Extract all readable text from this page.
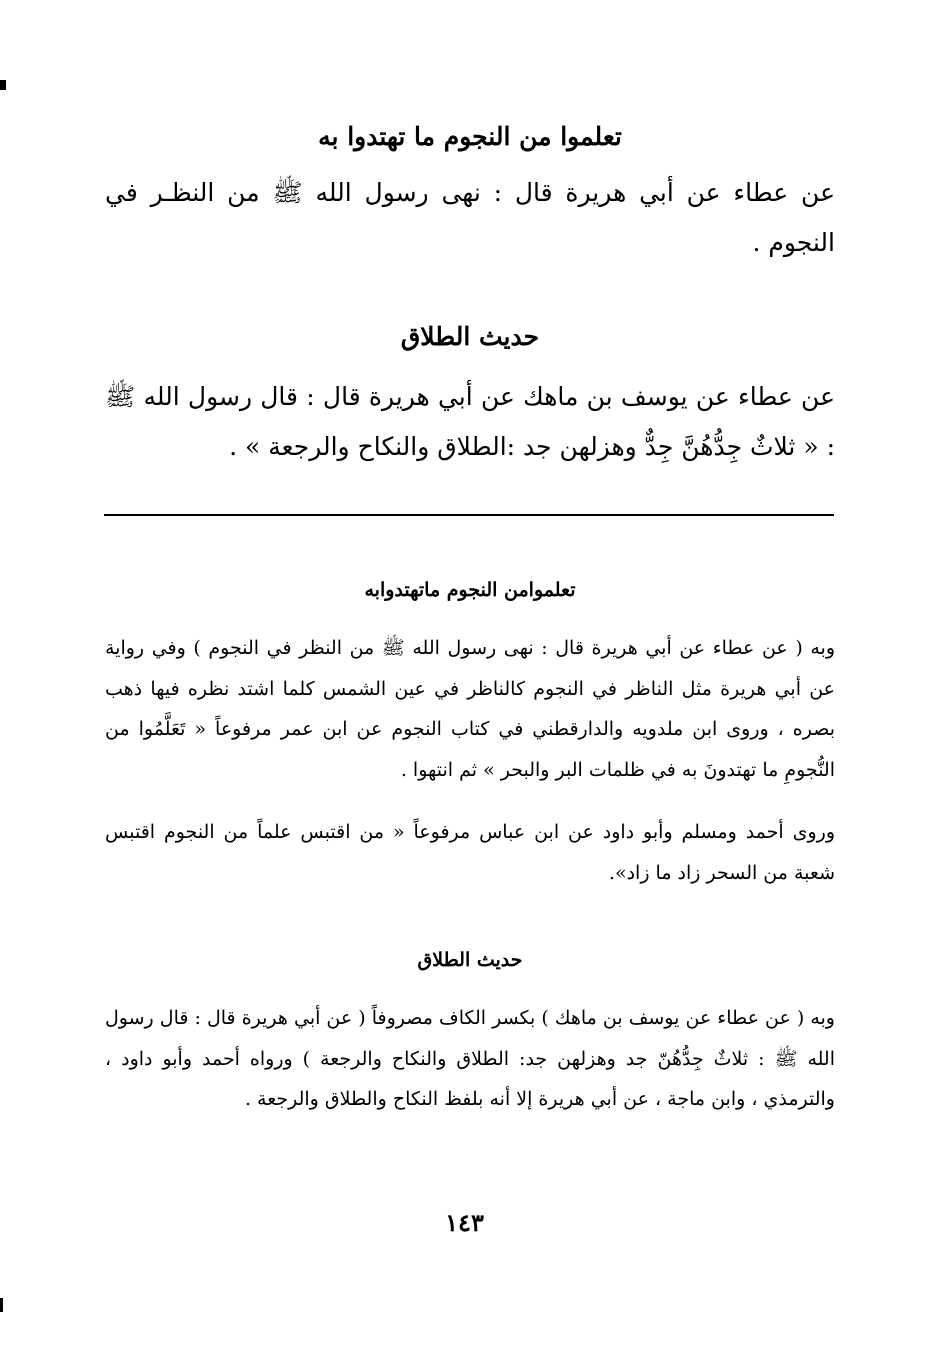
تعلموا من النجوم ما تهتدوا به
عن عطاء عن أبي هريرة قال : نهى رسول الله ﷺ من النظـر في النجوم .
حديث الطلاق
عن عطاء عن يوسف بن ماهك عن أبي هريرة قال : قال رسول الله ﷺ : « ثلاثٌ جِدُّهُنَّ جِدٌّ وهزلهن جد :الطلاق والنكاح والرجعة » .
تعلموامن النجوم ماتهتدوابه
وبه ( عن عطاء عن أبي هريرة قال : نهى رسول الله ﷺ من النظر في النجوم ) وفي رواية عن أبي هريرة مثل الناظر في النجوم كالناظر في عين الشمس كلما اشتد نظره فيها ذهب بصره ، وروى ابن ملدويه والدارقطني في كتاب النجوم عن ابن عمر مرفوعاً « تَعَلَّمُوا من النُّجومِ ما تهتدونَ به في ظلمات البر والبحر » ثم انتهوا .
وروى أحمد ومسلم وأبو داود عن ابن عباس مرفوعاً « من اقتبس علماً من النجوم اقتبس شعبة من السحر زاد ما زاد».
حديث الطلاق
وبه ( عن عطاء عن يوسف بن ماهك ) بكسر الكاف مصروفاً ( عن أبي هريرة قال : قال رسول الله ﷺ : ثلاثٌ جِدُّهُنّ جد وهزلهن جد: الطلاق والنكاح والرجعة ) ورواه أحمد وأبو داود ، والترمذي ، وابن ماجة ، عن أبي هريرة إلا أنه بلفظ النكاح والطلاق والرجعة .
١٤٣
